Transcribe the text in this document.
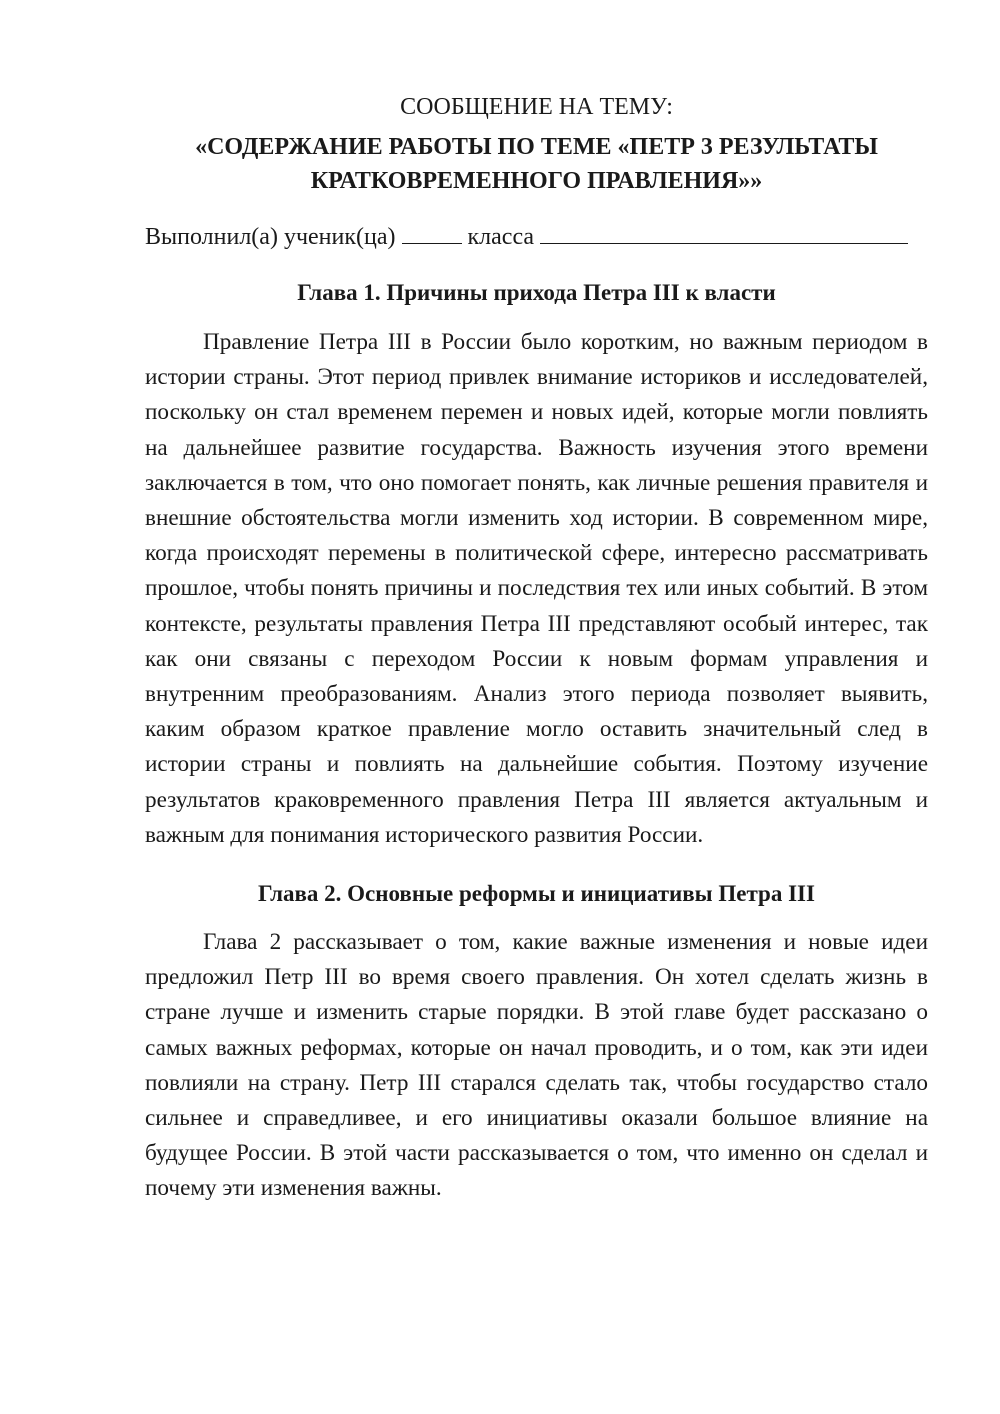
СООБЩЕНИЕ НА ТЕМУ:

«СОДЕРЖАНИЕ РАБОТЫ ПО ТЕМЕ «ПЕТР 3 РЕЗУЛЬТАТЫ КРАТКОВРЕМЕННОГО ПРАВЛЕНИЯ»»

Выполнил(а) ученик(ца)	класса

Глава 1. Причины прихода Петра III к власти

Правление Петра III в России было коротким, но важным периодом в истории страны. Этот период привлек внимание историков и исследователей, поскольку он стал временем перемен и новых идей, которые могли повлиять на дальнейшее развитие государства. Важность изучения этого времени заключается в том, что оно помогает понять, как личные решения правителя и внешние обстоятельства могли изменить ход истории. В современном мире, когда происходят перемены в политической сфере, интересно рассматривать прошлое, чтобы понять причины и последствия тех или иных событий. В этом контексте, результаты правления Петра III представляют особый интерес, так как они связаны с переходом России к новым формам управления и внутренним преобразованиям. Анализ этого периода позволяет выявить, каким образом краткое правление могло оставить значительный след в истории страны и повлиять на дальнейшие события. Поэтому изучение результатов краковременного правления Петра III является актуальным и важным для понимания исторического развития России.

Глава 2. Основные реформы и инициативы Петра III

Глава 2 рассказывает о том, какие важные изменения и новые идеи предложил Петр III во время своего правления. Он хотел сделать жизнь в стране лучше и изменить старые порядки. В этой главе будет рассказано о самых важных реформах, которые он начал проводить, и о том, как эти идеи повлияли на страну. Петр III старался сделать так, чтобы государство стало сильнее и справедливее, и его инициативы оказали большое влияние на будущее России. В этой части рассказывается о том, что именно он сделал и почему эти изменения важны.
